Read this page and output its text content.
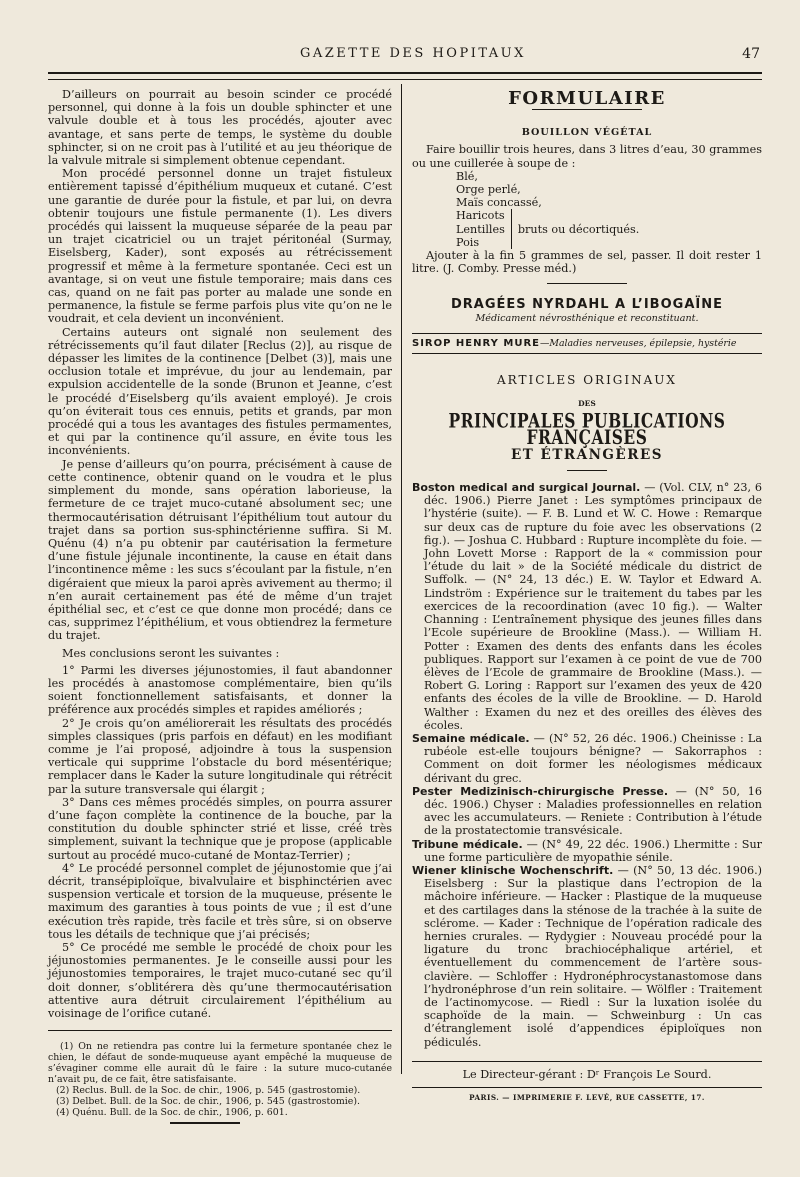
GAZETTE DES HOPITAUX	47

D’ailleurs on pourrait au besoin scinder ce procédé personnel, qui donne à la fois un double sphincter et une valvule double et à tous les procédés, ajouter avec avantage, et sans perte de temps, le système du double sphincter, si on ne croit pas à l’utilité et au jeu théorique de la valvule mitrale si simplement obtenue cependant.

Mon procédé personnel donne un trajet fistuleux entièrement tapissé d’épithélium muqueux et cutané. C’est une garantie de durée pour la fistule, et par lui, on devra obtenir toujours une fistule permanente (1). Les divers procédés qui laissent la muqueuse séparée de la peau par un trajet cicatriciel ou un trajet péritonéal (Surmay, Eiselsberg, Kader), sont exposés au rétrécissement progressif et même à la fermeture spontanée. Ceci est un avantage, si on veut une fistule temporaire; mais dans ces cas, quand on ne fait pas porter au malade une sonde en permanence, la fistule se ferme parfois plus vite qu’on ne le voudrait, et cela devient un inconvénient.

Certains auteurs ont signalé non seulement des rétrécissements qu’il faut dilater [Reclus (2)], au risque de dépasser les limites de la continence [Delbet (3)], mais une occlusion totale et imprévue, du jour au lendemain, par expulsion accidentelle de la sonde (Brunon et Jeanne, c’est le procédé d’Eiselsberg qu’ils avaient employé). Je crois qu’on éviterait tous ces ennuis, petits et grands, par mon procédé qui a tous les avantages des fistules permamentes, et qui par la continence qu’il assure, en évite tous les inconvénients.

Je pense d’ailleurs qu’on pourra, précisément à cause de cette continence, obtenir quand on le voudra et le plus simplement du monde, sans opération laborieuse, la fermeture de ce trajet muco-cutané absolument sec; une thermocautérisation détruisant l’épithélium tout autour du trajet dans sa portion sus-sphinctérienne suffira. Si M. Quénu (4) n’a pu obtenir par cautérisation la fermeture d’une fistule jéjunale incontinente, la cause en était dans l’incontinence même : les sucs s’écoulant par la fistule, n’en digéraient que mieux la paroi après avivement au thermo; il n’en aurait certainement pas été de même d’un trajet épithélial sec, et c’est ce que donne mon procédé; dans ce cas, supprimez l’épithélium, et vous obtiendrez la fermeture du trajet.

Mes conclusions seront les suivantes :

1° Parmi les diverses jéjunostomies, il faut abandonner les procédés à anastomose complémentaire, bien qu’ils soient fonctionnellement satisfaisants, et donner la préférence aux procédés simples et rapides améliorés ;

2° Je crois qu’on améliorerait les résultats des procédés simples classiques (pris parfois en défaut) en les modifiant comme je l’ai proposé, adjoindre à tous la suspension verticale qui supprime l’obstacle du bord mésentérique; remplacer dans le Kader la suture longitudinale qui rétrécit par la suture transversale qui élargit ;

3° Dans ces mêmes procédés simples, on pourra assurer d’une façon complète la continence de la bouche, par la constitution du double sphincter strié et lisse, créé très simplement, suivant la technique que je propose (applicable surtout au procédé muco-cutané de Montaz-Terrier) ;

4° Le procédé personnel complet de jéjunostomie que j’ai décrit, transépiploïque, bivalvulaire et bisphinctérien avec suspension verticale et torsion de la muqueuse, présente le maximum des garanties à tous points de vue ; il est d’une exécution très rapide, très facile et très sûre, si on observe tous les détails de technique que j’ai précisés;

5° Ce procédé me semble le procédé de choix pour les jéjunostomies permanentes. Je le conseille aussi pour les jéjunostomies temporaires, le trajet muco-cutané sec qu’il doit donner, s’oblitérera dès qu’une thermocautérisation attentive aura détruit circulairement l’épithélium au voisinage de l’orifice cutané.

(1) On ne retiendra pas contre lui la fermeture spontanée chez le chien, le défaut de sonde-muqueuse ayant empêché la muqueuse de s’évaginer comme elle aurait dû le faire : la suture muco-cutanée n’avait pu, de ce fait, être satisfaisante.

(2) Reclus. Bull. de la Soc. de chir., 1906, p. 545 (gastrostomie).

(3) Delbet. Bull. de la Soc. de chir., 1906, p. 545 (gastrostomie).

(4) Quénu. Bull. de la Soc. de chir., 1906, p. 601.

FORMULAIRE
BOUILLON VÉGÉTAL

Faire bouillir trois heures, dans 3 litres d’eau, 30 grammes ou une cuillerée à soupe de :

Blé,
Orge perlé,
Maïs concassé,
Haricots
Lentilles
Pois
bruts ou décortiqués.

Ajouter à la fin 5 grammes de sel, passer. Il doit rester 1 litre. (J. Comby. Presse méd.)

DRAGÉES NYRDAHL A L’IBOGAÏNE
Médicament névrosthénique et reconstituant.
SIROP HENRY MURE—Maladies nerveuses, épilepsie, hystérie
ARTICLES ORIGINAUX
DES
PRINCIPALES PUBLICATIONS FRANÇAISES
ET ÉTRANGÈRES

Boston medical and surgical Journal. — (Vol. CLV, n° 23, 6 déc. 1906.) Pierre Janet : Les symptômes principaux de l’hystérie (suite). — F. B. Lund et W. C. Howe : Remarque sur deux cas de rupture du foie avec les observations (2 fig.). — Joshua C. Hubbard : Rupture incomplète du foie. — John Lovett Morse : Rapport de la « commission pour l’étude du lait » de la Société médicale du district de Suffolk. — (N° 24, 13 déc.) E. W. Taylor et Edward A. Lindström : Expérience sur le traitement du tabes par les exercices de la recoordination (avec 10 fig.). — Walter Channing : L’entraînement physique des jeunes filles dans l’Ecole supérieure de Brookline (Mass.). — William H. Potter : Examen des dents des enfants dans les écoles publiques. Rapport sur l’examen à ce point de vue de 700 élèves de l’Ecole de grammaire de Brookline (Mass.). — Robert G. Loring : Rapport sur l’examen des yeux de 420 enfants des écoles de la ville de Brookline. — D. Harold Walther : Examen du nez et des oreilles des élèves des écoles.

Semaine médicale. — (N° 52, 26 déc. 1906.) Cheinisse : La rubéole est-elle toujours bénigne? — Sakorraphos : Comment on doit former les néologismes médicaux dérivant du grec.

Pester Medizinisch-chirurgische Presse. — (N° 50, 16 déc. 1906.) Chyser : Maladies professionnelles en relation avec les accumulateurs. — Reniete : Contribution à l’étude de la prostatectomie transvésicale.

Tribune médicale. — (N° 49, 22 déc. 1906.) Lhermitte : Sur une forme particulière de myopathie sénile.

Wiener klinische Wochenschrift. — (N° 50, 13 déc. 1906.) Eiselsberg : Sur la plastique dans l’ectropion de la mâchoire inférieure. — Hacker : Plastique de la muqueuse et des cartilages dans la sténose de la trachée à la suite de sclérome. — Kader : Technique de l’opération radicale des hernies crurales. — Rydygier : Nouveau procédé pour la ligature du tronc brachiocéphalique artériel, et éventuellement du commencement de l’artère sous-clavière. — Schloffer : Hydronéphrocystanastomose dans l’hydronéphrose d’un rein solitaire. — Wölfler : Traitement de l’actinomycose. — Riedl : Sur la luxation isolée du scaphoïde de la main. — Schweinburg : Un cas d’étranglement isolé d’appendices épiploïques non pédiculés.

Le Directeur-gérant : Dʳ François Le Sourd.
PARIS. — IMPRIMERIE F. LEVÉ, RUE CASSETTE, 17.
